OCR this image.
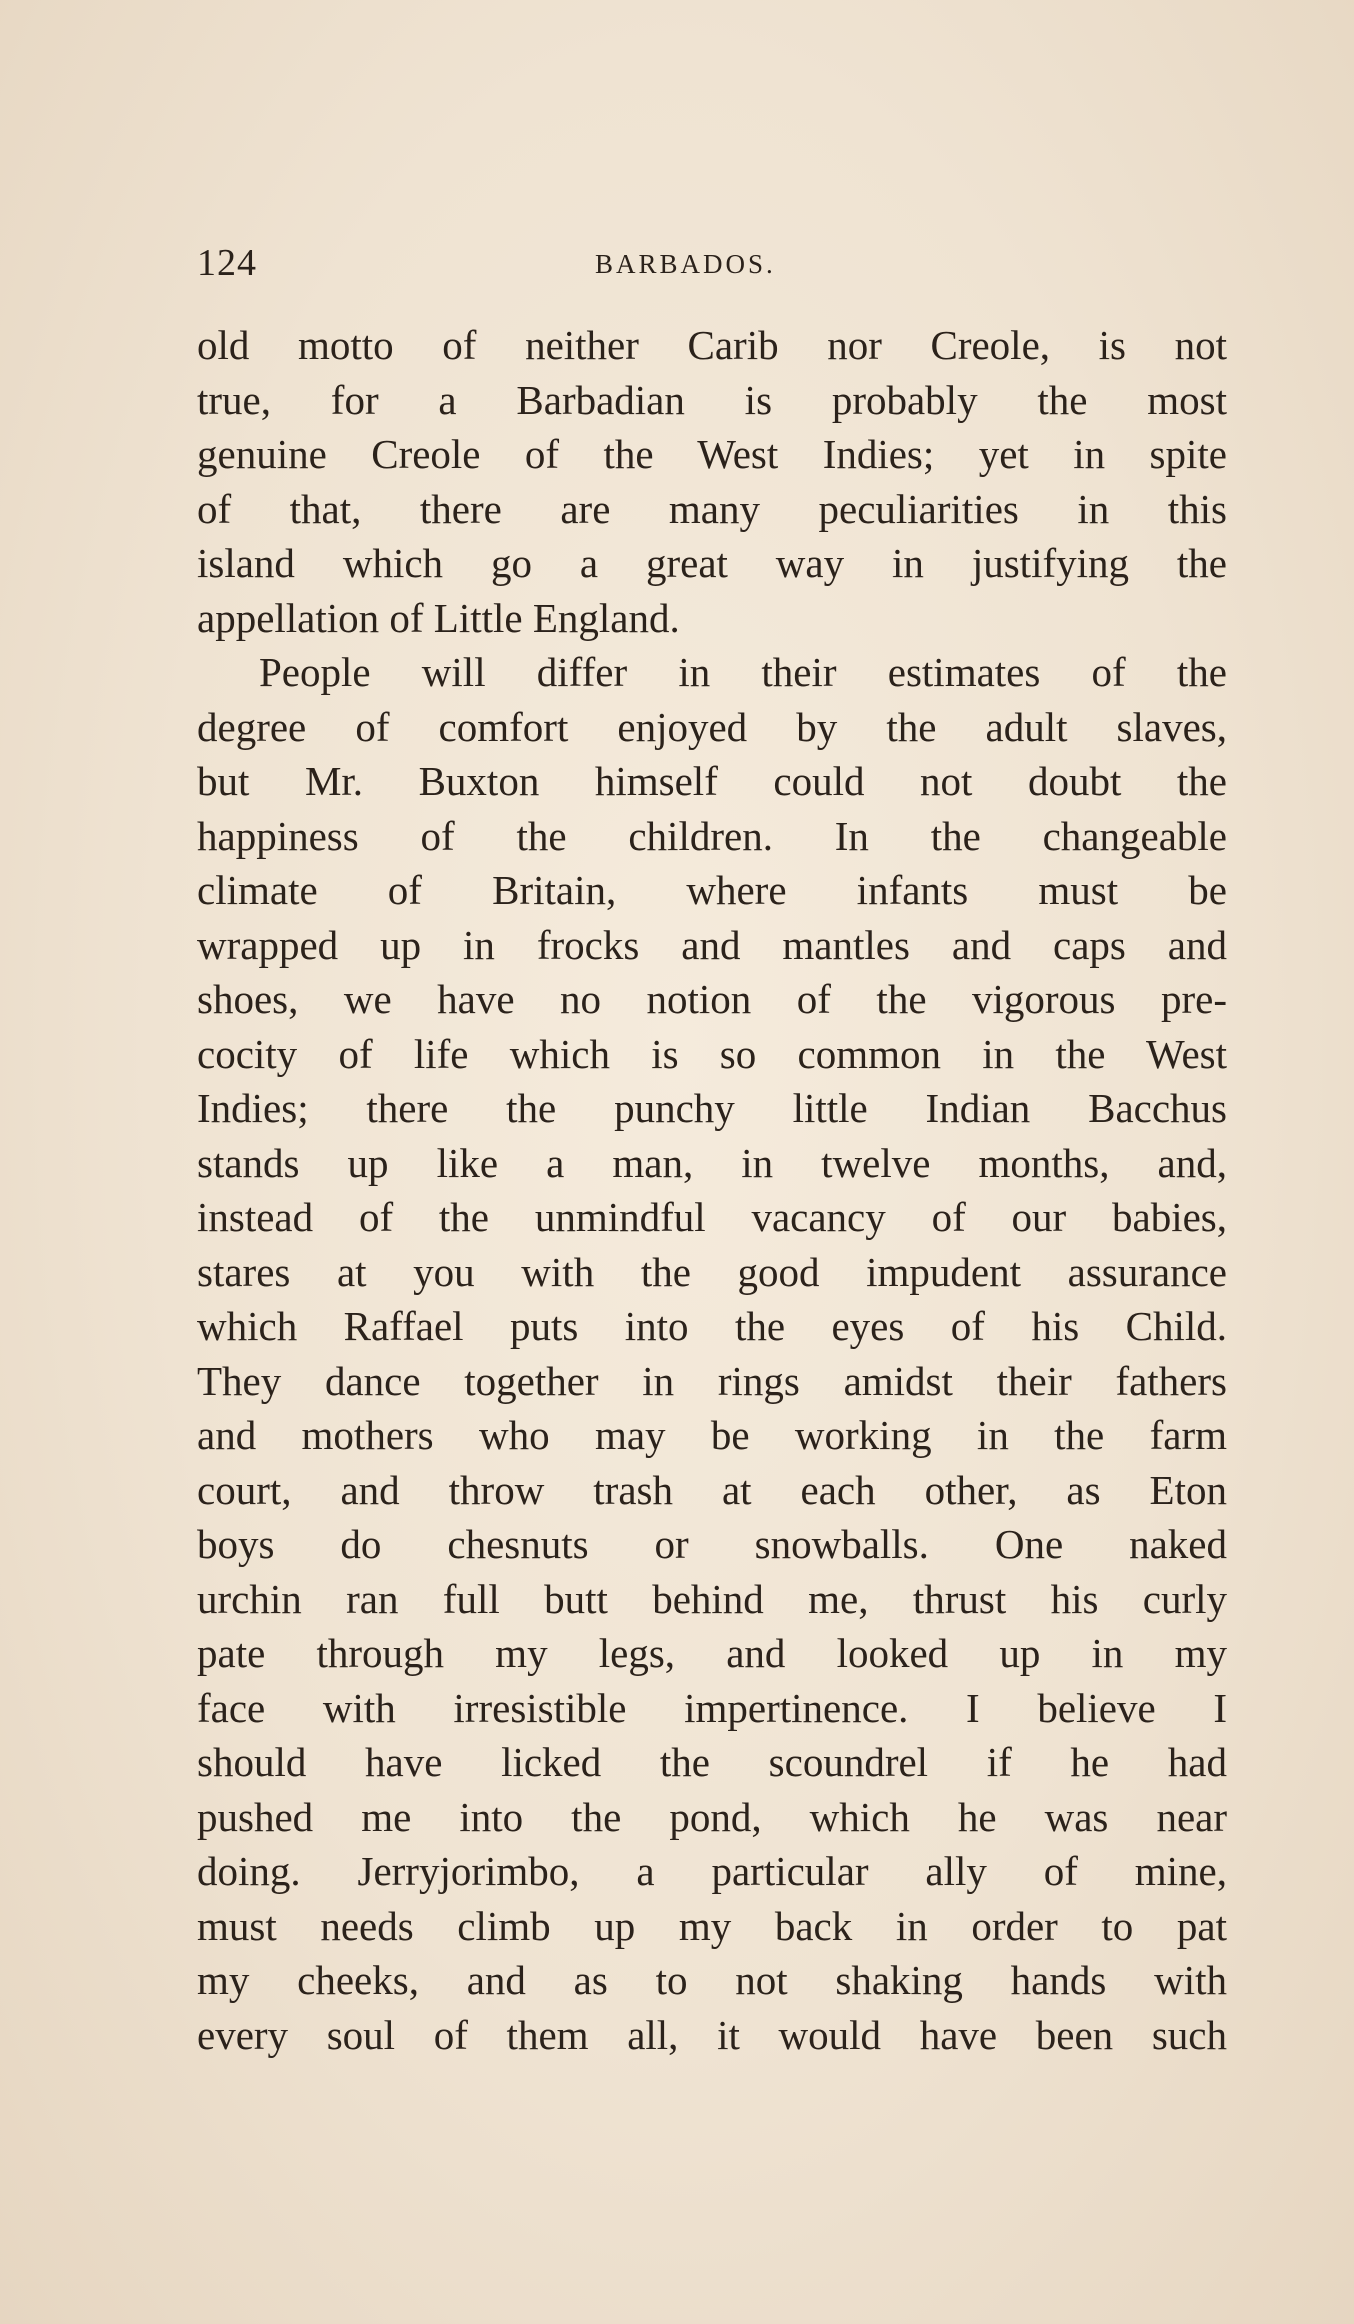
124	BARBADOS.
old motto of neither Carib nor Creole, is not
true, for a Barbadian is probably the most
genuine Creole of the West Indies; yet in spite
of that, there are many peculiarities in this
island which go a great way in justifying the
appellation of Little England.
People will differ in their estimates of the
degree of comfort enjoyed by the adult slaves,
but Mr. Buxton himself could not doubt the
happiness of the children. In the changeable
climate of Britain, where infants must be
wrapped up in frocks and mantles and caps and
shoes, we have no notion of the vigorous pre-
cocity of life which is so common in the West
Indies; there the punchy little Indian Bacchus
stands up like a man, in twelve months, and,
instead of the unmindful vacancy of our babies,
stares at you with the good impudent assurance
which Raffael puts into the eyes of his Child.
They dance together in rings amidst their fathers
and mothers who may be working in the farm
court, and throw trash at each other, as Eton
boys do chesnuts or snowballs. One naked
urchin ran full butt behind me, thrust his curly
pate through my legs, and looked up in my
face with irresistible impertinence. I believe I
should have licked the scoundrel if he had
pushed me into the pond, which he was near
doing. Jerryjorimbo, a particular ally of mine,
must needs climb up my back in order to pat
my cheeks, and as to not shaking hands with
every soul of them all, it would have been such
